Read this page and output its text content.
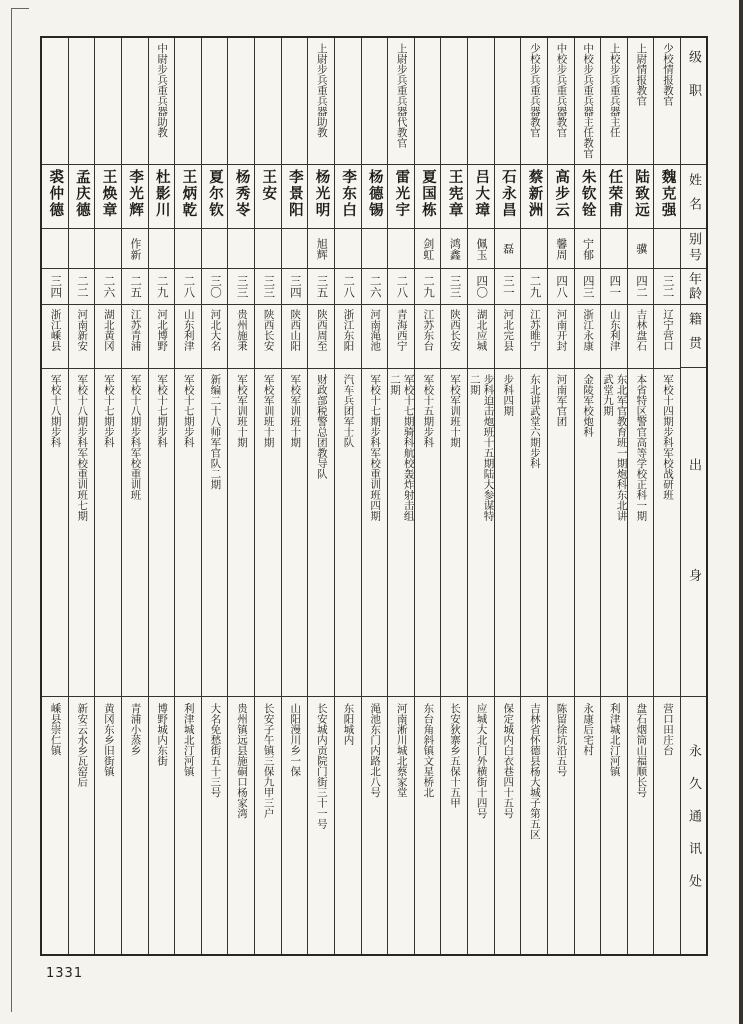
级职
姓名
别号
年龄
籍贯
出身
永久通讯处
少校情报教官
魏克强
三二
辽宁营口
军校十四期步科军校战研班
营口田庄台
上尉情报教官
陆致远
骥
四二
吉林盘石
本省特区警官高等学校正科一期
盘石烟筒山福顺长号
上校步兵重兵器主任
任荣甫
四一
山东利津
东北军官教育班一期炮科东北讲武堂九期
利津城北汀河镇
中校步兵重兵器主任教官
朱钦铨
宁郁
四三
浙江永康
金陵军校炮科
永康后宅村
中校步兵重兵器教官
高步云
馨周
四八
河南开封
河南军官团
陈留徐坑沿五号
少校步兵重兵器教官
蔡新洲
二九
江苏睢宁
东北讲武堂六期步科
吉林省怀德县杨大城子第五区
石永昌
磊
三一
河北完县
步科四期
保定城内白衣巷四十五号
吕大璋
佩玉
四〇
湖北应城
步科迫击炮班十五期陆大参谋特二期
应城大北门外横街十四号
王宪章
鸿鑫
三三
陕西长安
军校军训班十期
长安狄寨乡五保十五甲
夏国栋
剑虹
二九
江苏东台
军校十五期步科
东台角斜镇文星桥北
上尉步兵重兵器代教官
雷光宇
二八
青海西宁
军校十七期骑科航校轰炸射击组二期
河南淅川城北蔡家堂
杨德锡
二六
河南渑池
军校十七期步科军校重训班四期
渑池东门内路北八号
李东白
二八
浙江东阳
汽车兵团军士队
东阳城内
上尉步兵重兵器助教
杨光明
旭辉
三五
陕西周至
财政部税警总团教导队
长安城内贡院门街三十一号
李景阳
三四
陕西山阳
军校军训班十期
山阳漫川乡一保
王安
三三
陕西长安
军校军训班十期
长安子午镇三保九甲三户
杨秀岺
三三
贵州施秉
军校军训班十期
贵州镇远县施硐口杨家湾
夏尔钦
三〇
河北大名
新编二十八师军官队二期
大名免愁街五十三号
王炳乾
二八
山东利津
军校十七期步科
利津城北汀河镇
中尉步兵重兵器助教
杜影川
二九
河北博野
军校十七期步科
博野城内东街
李光辉
作新
二五
江苏青浦
军校十八期步科军校重训班
青浦小蒸乡
王焕章
二六
湖北黄冈
军校十七期步科
黄冈东乡旧街镇
孟庆德
二二
河南新安
军校十八期步科军校重训班七期
新安云水乡瓦窑后
裘仲德
三四
浙江嵊县
军校十八期步科
嵊县崇仁镇
1331
